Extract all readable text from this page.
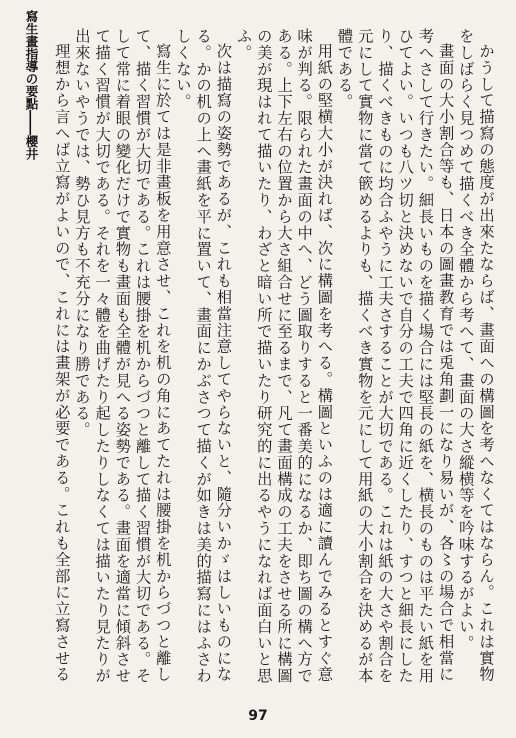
寫生畫指導の要點――櫻井	かうして描寫の態度が出來たならば、畫面への構圖を考へなくてはならん。これは實物をしばらく見つめて描くべき全體から考へて、畫面の大さ縱横等を吟味するがよい。

畫面の大小割合等も、日本の圖畫教育では兎角劃一になり易いが、各〻の場合で相當に考へさして行きたい。細長いものを描く場合には堅長の紙を、横長のものは平たい紙を用ひてよい。いつも八ツ切と決めないで自分の工夫で四角に近くしたり、すつと細長にしたり、描くべきものに均合ふやうに工夫さすることが大切である。これは紙の大さや割合を元にして實物に當て篏めるよりも、描くべき實物を元にして用紙の大小割合を決めるが本體である。

用紙の堅横大小が決れば、次に構圖を考へる。構圖といふのは適に讀んでみるとすぐ意味が判る。限られた畫面の中へ、どう圖取りすると一番美的になるか、即ち圖の構へ方である。上下左右の位置から大さ組合せに至るまで、凡て畫面構成の工夫をさせる所に構圖の美が現はれて描いたり、わざと暗い所で描いたり研究的に出るやうになれば面白いと思ふ。

次は描寫の姿勢であるが、これも相當注意してやらないと、隨分いかゞはしいものになる。かの机の上へ畫紙を平に置いて、畫面にかぶさつて描くが如きは美的描寫にはふさわしくない。

寫生に於ては是非畫板を用意させ、これを机の角にあてたれは腰掛を机からづつと離して、描く習慣が大切である。これは腰掛を机からづつと離して描く習慣が大切である。そして常に着眼の變化だけで實物も畫面も全體が見へる姿勢である。畫面を適當に傾斜させて描く習慣が大切である。それを一々體を曲げたり起したりしなくては描いたり見たりが出來ないやうでは、勢ひ見方も不充分になり勝である。

理想から言へば立寫がよいので、これには畫架が必要である。これも全部に立寫させる

97
